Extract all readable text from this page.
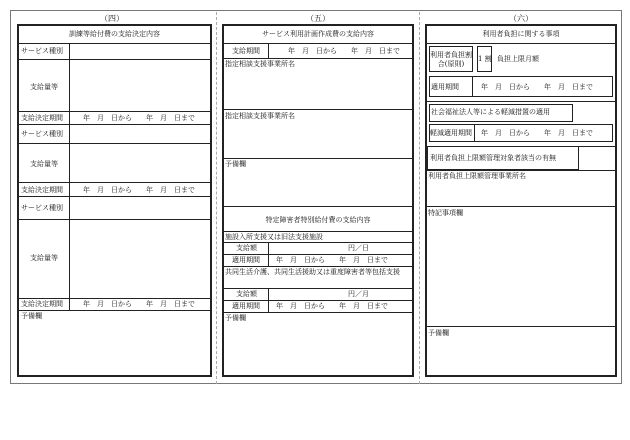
（四）	（五）	（六）
訓練等給付費の支給決定内容
サービス種別
支給量等
支給決定期間	年　月　日から　　年　月　日まで
サービス種別
支給量等
支給決定期間	年　月　日から　　年　月　日まで
サービス種別
支給量等
支給決定期間	年　月　日から　　年　月　日まで
予備欄
サービス利用計画作成費の支給内容
支給期間	年　月　日から　　年　月　日まで
指定相談支援事業所名
指定相談支援事業所名
予備欄
特定障害者特別給付費の支給内容
施設入所支援又は旧法支援施設
支給額	円／日
適用期間 年　月　日から　　年　月　日まで
共同生活介護、共同生活援助又は重度障害者等包括支援
支給額	円／月
適用期間 年　月　日から　　年　月　日まで
予備欄
利用者負担に関する事項
利用者負担割合(原則)
1 割 負担上限月額
適用期間	年　月　日から　　年　月　日まで
社会福祉法人等による軽減措置の適用
軽減適用期間 年　月　日から　　年　月　日まで
利用者負担上限額管理対象者該当の有無
利用者負担上限額管理事業所名
特記事項欄
予備欄
